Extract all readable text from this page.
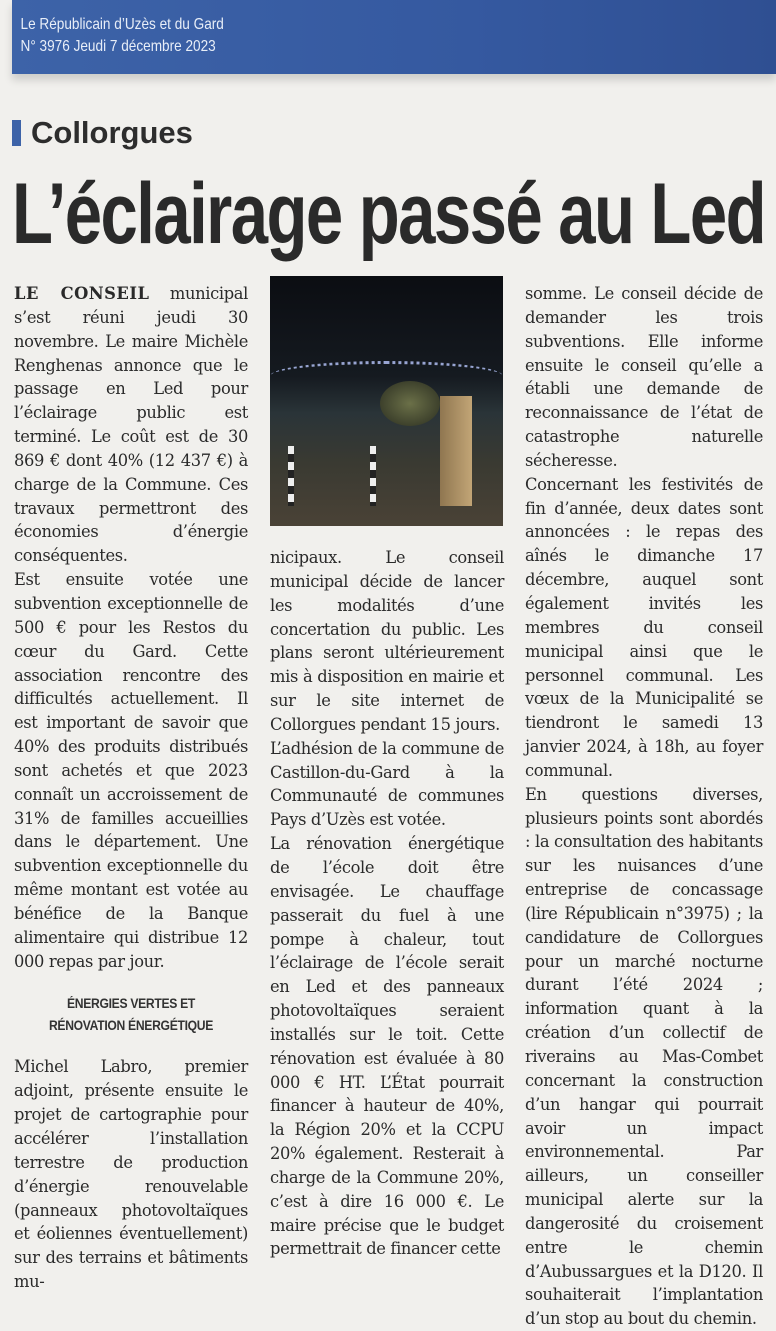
Le Républicain d’Uzès et du Gard
N° 3976 Jeudi 7 décembre 2023
Collorgues
L’éclairage passé au Led

LE CONSEIL municipal s’est réuni jeudi 30 novembre. Le maire Michèle Renghenas annonce que le passage en Led pour l’éclairage public est terminé. Le coût est de 30 869 € dont 40% (12 437 €) à charge de la Commune. Ces travaux permettront des économies d’énergie conséquentes.

Est ensuite votée une subvention exceptionnelle de 500 € pour les Restos du cœur du Gard. Cette association rencontre des difficultés actuellement. Il est important de savoir que 40% des produits distribués sont achetés et que 2023 connaît un accroissement de 31% de familles accueillies dans le département. Une subvention exceptionnelle du même montant est votée au bénéfice de la Banque alimentaire qui distribue 12 000 repas par jour.

ÉNERGIES VERTES ET
RÉNOVATION ÉNERGÉTIQUE

Michel Labro, premier adjoint, présente ensuite le projet de cartographie pour accélérer l’installation terrestre de production d’énergie renouvelable (panneaux photovoltaïques et éoliennes éventuellement) sur des terrains et bâtiments mu-

nicipaux. Le conseil municipal décide de lancer les modalités d’une concertation du public. Les plans seront ultérieurement mis à disposition en mairie et sur le site internet de Collorgues pendant 15 jours.

L’adhésion de la commune de Castillon-du-Gard à la Communauté de communes Pays d’Uzès est votée.

La rénovation énergétique de l’école doit être envisagée. Le chauffage passerait du fuel à une pompe à chaleur, tout l’éclairage de l’école serait en Led et des panneaux photovoltaïques seraient installés sur le toit. Cette rénovation est évaluée à 80 000 € HT. L’État pourrait financer à hauteur de 40%, la Région 20% et la CCPU 20% également. Resterait à charge de la Commune 20%, c’est à dire 16 000 €. Le maire précise que le budget permettrait de financer cette

somme. Le conseil décide de demander les trois subventions. Elle informe ensuite le conseil qu’elle a établi une demande de reconnaissance de l’état de catastrophe naturelle sécheresse.

Concernant les festivités de fin d’année, deux dates sont annoncées : le repas des aînés le dimanche 17 décembre, auquel sont également invités les membres du conseil municipal ainsi que le personnel communal. Les vœux de la Municipalité se tiendront le samedi 13 janvier 2024, à 18h, au foyer communal.

En questions diverses, plusieurs points sont abordés : la consultation des habitants sur les nuisances d’une entreprise de concassage (lire Républicain n°3975) ; la candidature de Collorgues pour un marché nocturne durant l’été 2024 ; information quant à la création d’un collectif de riverains au Mas-Combet concernant la construction d’un hangar qui pourrait avoir un impact environnemental. Par ailleurs, un conseiller municipal alerte sur la dangerosité du croisement entre le chemin d’Aubussargues et la D120. Il souhaiterait l’implantation d’un stop au bout du chemin.
